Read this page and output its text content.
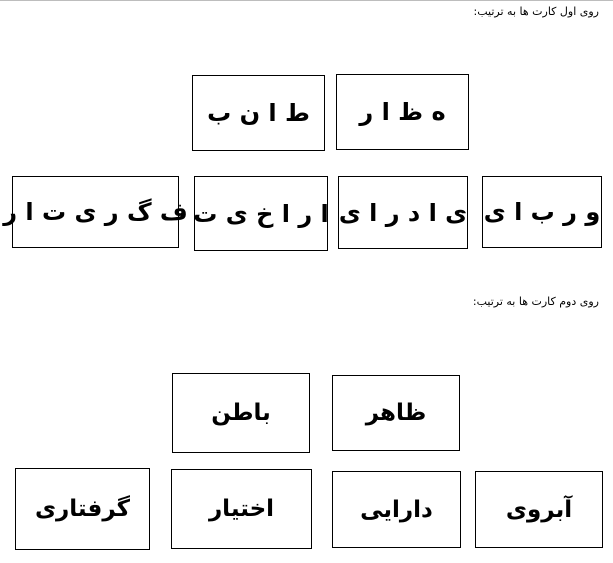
روی اول کارت ها به ترتیب:
ه ظ ا ر
ط ا ن ب
و ر ب ا ی
ی ا د ر ا ی
ا ر ا خ ی ت
ف گ ر ی ت ا ر
روی دوم کارت ها به ترتیب:
ظاهر
باطن
آبروی
دارایی
اختیار
گرفتاری
